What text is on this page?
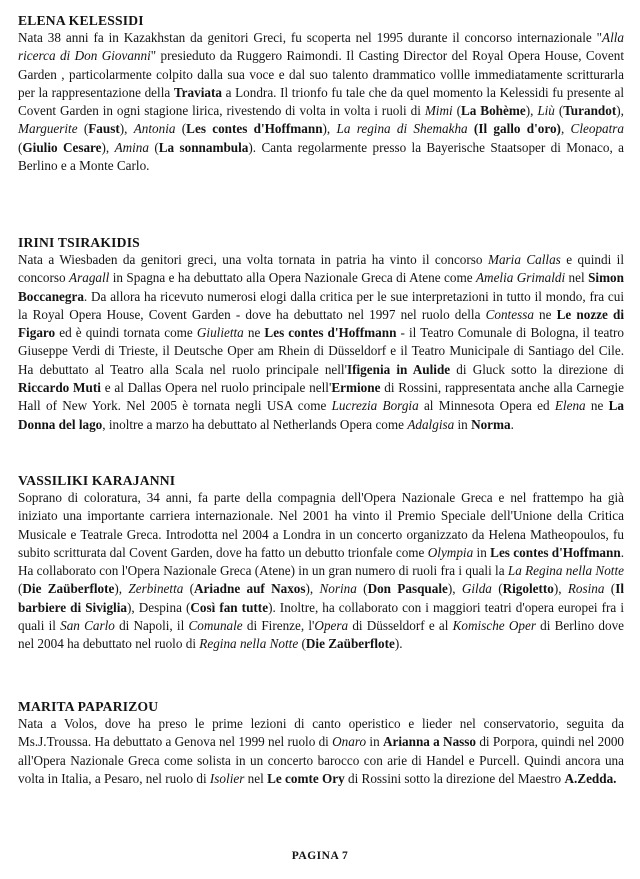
ELENA KELESSIDI

Nata 38 anni fa in Kazakhstan da genitori Greci, fu scoperta nel 1995 durante il concorso internazionale "Alla ricerca di Don Giovanni" presieduto da Ruggero Raimondi. Il Casting Director del Royal Opera House, Covent Garden , particolarmente colpito dalla sua voce e dal suo talento drammatico vollle immediatamente scritturarla per la rappresentazione della Traviata a Londra. Il trionfo fu tale che da quel momento la Kelessidi fu presente al Covent Garden in ogni stagione lirica, rivestendo di volta in volta i ruoli di Mimi (La Bohème), Liù (Turandot), Marguerite (Faust), Antonia (Les contes d'Hoffmann), La regina di Shemakha (Il gallo d'oro), Cleopatra (Giulio Cesare), Amina (La sonnambula). Canta regolarmente presso la Bayerische Staatsoper di Monaco, a Berlino e a Monte Carlo.

IRINI TSIRAKIDIS

Nata a Wiesbaden da genitori greci, una volta tornata in patria ha vinto il concorso Maria Callas e quindi il concorso Aragall in Spagna e ha debuttato alla Opera Nazionale Greca di Atene come Amelia Grimaldi nel Simon Boccanegra. Da allora ha ricevuto numerosi elogi dalla critica per le sue interpretazioni in tutto il mondo, fra cui la Royal Opera House, Covent Garden - dove ha debuttato nel 1997 nel ruolo della Contessa ne Le nozze di Figaro ed è quindi tornata come Giulietta ne Les contes d'Hoffmann - il Teatro Comunale di Bologna, il teatro Giuseppe Verdi di Trieste, il Deutsche Oper am Rhein di Düsseldorf e il Teatro Municipale di Santiago del Cile. Ha debuttato al Teatro alla Scala nel ruolo principale nell'Ifigenia in Aulide di Gluck sotto la direzione di Riccardo Muti e al Dallas Opera nel ruolo principale nell'Ermione di Rossini, rappresentata anche alla Carnegie Hall of New York. Nel 2005 è tornata negli USA come Lucrezia Borgia al Minnesota Opera ed Elena ne La Donna del lago, inoltre a marzo ha debuttato al Netherlands Opera come Adalgisa in Norma.

VASSILIKI KARAJANNI

Soprano di coloratura, 34 anni, fa parte della compagnia dell'Opera Nazionale Greca e nel frattempo ha già iniziato una importante carriera internazionale. Nel 2001 ha vinto il Premio Speciale dell'Unione della Critica Musicale e Teatrale Greca. Introdotta nel 2004 a Londra in un concerto organizzato da Helena Matheopoulos, fu subito scritturata dal Covent Garden, dove ha fatto un debutto trionfale come Olympia in Les contes d'Hoffmann. Ha collaborato con l'Opera Nazionale Greca (Atene) in un gran numero di ruoli fra i quali la La Regina nella Notte (Die Zaüberflote), Zerbinetta (Ariadne auf Naxos), Norina (Don Pasquale), Gilda (Rigoletto), Rosina (Il barbiere di Siviglia), Despina (Così fan tutte). Inoltre, ha collaborato con i maggiori teatri d'opera europei fra i quali il San Carlo di Napoli, il Comunale di Firenze, l'Opera di Düsseldorf e al Komische Oper di Berlino dove nel 2004 ha debuttato nel ruolo di Regina nella Notte (Die Zaüberflote).

MARITA PAPARIZOU

Nata a Volos, dove ha preso le prime lezioni di canto operistico e lieder nel conservatorio, seguita da Ms.J.Troussa. Ha debuttato a Genova nel 1999 nel ruolo di Onaro in Arianna a Nasso di Porpora, quindi nel 2000 all'Opera Nazionale Greca come solista in un concerto barocco con arie di Handel e Purcell. Quindi ancora una volta in Italia, a Pesaro, nel ruolo di Isolier nel Le comte Ory di Rossini sotto la direzione del Maestro A.Zedda.

PAGINA 7
